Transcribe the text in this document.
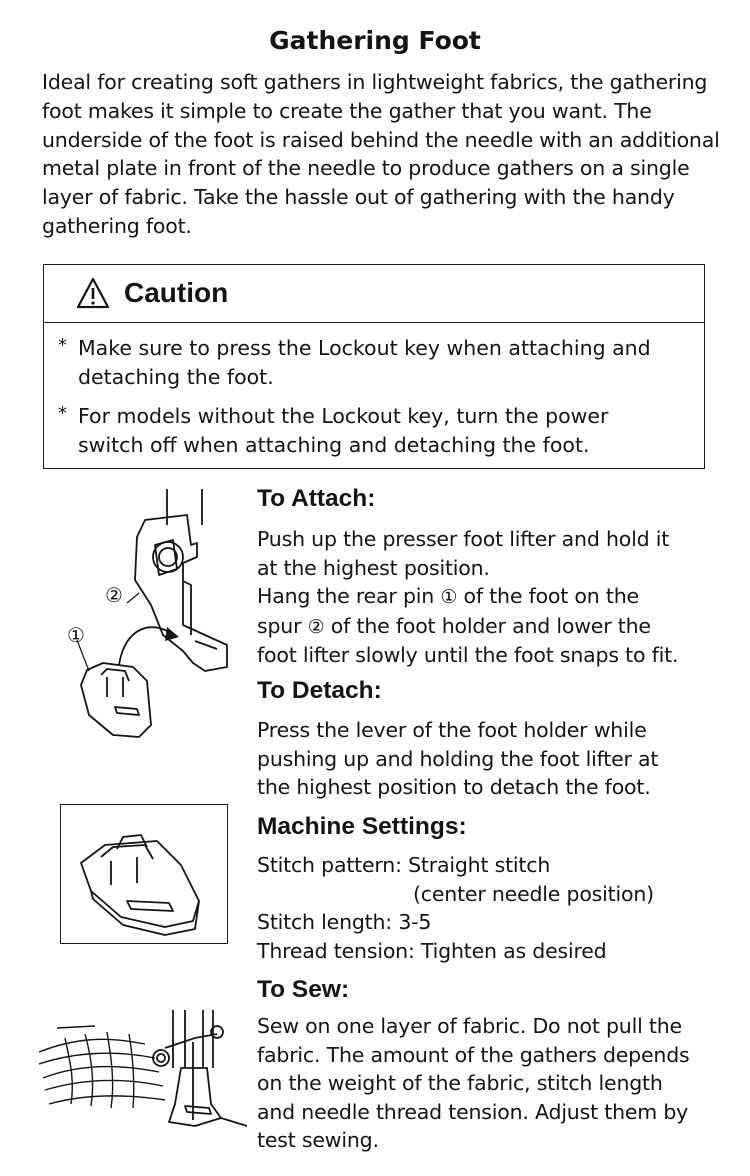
Gathering Foot
Ideal for creating soft gathers in lightweight fabrics, the gathering foot makes it simple to create the gather that you want. The underside of the foot is raised behind the needle with an additional metal plate in front of the needle to produce gathers on a single layer of fabric. Take the hassle out of gathering with the handy gathering foot.
Caution
* Make sure to press the Lockout key when attaching and detaching the foot.
* For models without the Lockout key, turn the power switch off when attaching and detaching the foot.
①
②
To Attach:
Push up the presser foot lifter and hold it
at the highest position.
Hang the rear pin ① of the foot on the
spur ② of the foot holder and lower the
foot lifter slowly until the foot snaps to fit.
To Detach:
Press the lever of the foot holder while pushing up and holding the foot lifter at the highest position to detach the foot.
Machine Settings:
Stitch pattern: Straight stitch
(center needle position)
Stitch length: 3-5
Thread tension: Tighten as desired
To Sew:
Sew on one layer of fabric. Do not pull the fabric. The amount of the gathers depends on the weight of the fabric, stitch length and needle thread tension. Adjust them by test sewing.
